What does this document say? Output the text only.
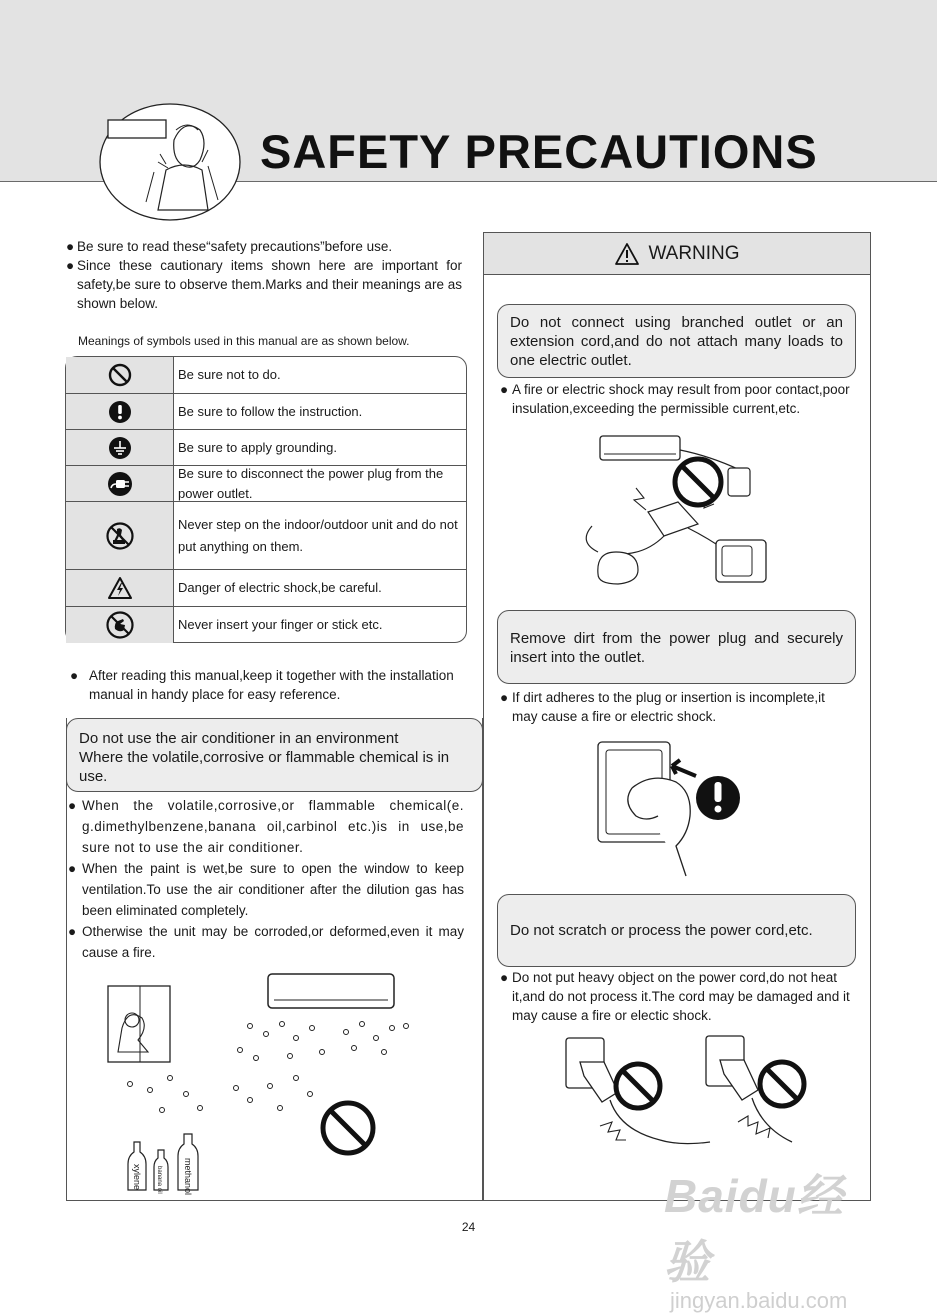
SAFETY PRECAUTIONS
● Be sure to read these“safety precautions”before use.
● Since these cautionary items shown here are important for safety,be sure to observe them.Marks and their meanings are as shown below.
Meanings of symbols used in this manual are as shown below.
Be sure not to do.
Be sure to follow the instruction.
Be sure to apply grounding.
Be sure to disconnect the power plug from the power outlet.
Never step on the indoor/outdoor unit and do not put anything on them.
Danger of electric shock,be careful.
Never insert your finger or stick etc.
● After reading this manual,keep it together with the installation manual in handy place for easy reference.
Do not use the air conditioner in an environment
Where the volatile,corrosive or flammable chemical is in use.
● When the volatile,corrosive,or flammable chemical(e. g.dimethylbenzene,banana oil,carbinol etc.)is in use,be sure not to use the air conditioner.
● When the paint is wet,be sure to open the window to keep ventilation.To use the air conditioner after the dilution gas has been eliminated completely.
● Otherwise the unit may be corroded,or deformed,even it may cause a fire.
xylene banana oil methanol
WARNING
Do not connect using branched outlet or an extension cord,and do not attach many loads to one electric outlet.
● A fire or electric shock may result from poor contact,poor insulation,exceeding the permissible current,etc.
Remove dirt from the power plug and securely insert into the outlet.
● If dirt adheres to the plug or insertion is incomplete,it may cause a fire or electric shock.
Do not scratch or process the power cord,etc.
● Do not put heavy object on the power cord,do not heat it,and do not process it.The cord may be damaged and it may cause a fire or electic shock.
24
Baidu经验
jingyan.baidu.com
